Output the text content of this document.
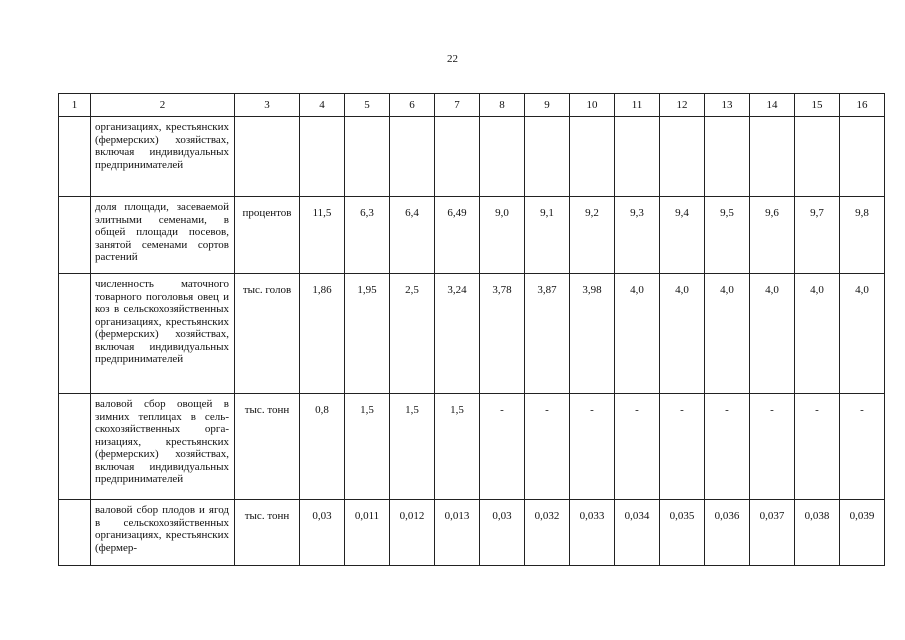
22
1	2	3	4	5	6	7	8	9	10	11	12	13	14	15	16
	организациях, крестьянских (фермерских) хозяйствах, включая индивидуальных предпринимателей														
	доля площади, засеваемой элитными семенами, в общей площади посевов, занятой семенами сортов растений	процентов	11,5	6,3	6,4	6,49	9,0	9,1	9,2	9,3	9,4	9,5	9,6	9,7	9,8
	численность маточного товарного поголовья овец и коз в сельскохозяйственных организациях, крестьянских (фермерских) хозяйствах, включая индивидуальных предпринимателей	тыс. голов	1,86	1,95	2,5	3,24	3,78	3,87	3,98	4,0	4,0	4,0	4,0	4,0	4,0
	валовой сбор овощей в зимних теплицах в сельскохозяйственных организациях, крестьянских (фермерских) хозяйствах, включая индивидуальных предпринимателей	тыс. тонн	0,8	1,5	1,5	1,5	-	-	-	-	-	-	-	-	-
	валовой сбор плодов и ягод в сельскохозяйственных организациях, крестьянских (фермер-	тыс. тонн	0,03	0,011	0,012	0,013	0,03	0,032	0,033	0,034	0,035	0,036	0,037	0,038	0,039
